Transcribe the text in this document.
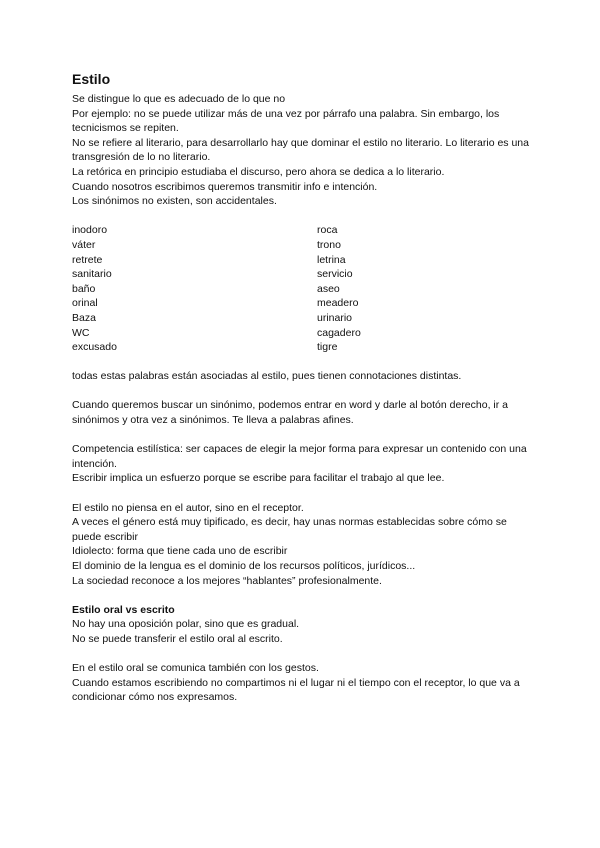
Estilo

Se distingue lo que es adecuado de lo que no

Por ejemplo: no se puede utilizar más de una vez por párrafo una palabra. Sin embargo, los tecnicismos se repiten.

No se refiere al literario, para desarrollarlo hay que dominar el estilo no literario. Lo literario es una transgresión de lo no literario.

La retórica en principio estudiaba el discurso, pero ahora se dedica a lo literario.

Cuando nosotros escribimos queremos transmitir info e intención.

Los sinónimos no existen, son accidentales.

inodoro	roca
váter	trono
retrete	letrina
sanitario	servicio
baño	aseo
orinal	meadero
Baza	urinario
WC	cagadero
excusado	tigre

todas estas palabras están asociadas al estilo, pues tienen connotaciones distintas.

Cuando queremos buscar un sinónimo, podemos entrar en word y darle al botón derecho, ir a sinónimos y otra vez a sinónimos. Te lleva a palabras afines.

Competencia estilística: ser capaces de elegir la mejor forma para expresar un contenido con una intención.

Escribir implica un esfuerzo porque se escribe para facilitar el trabajo al que lee.

El estilo no piensa en el autor, sino en el receptor.

A veces el género está muy tipificado, es decir, hay unas normas establecidas sobre cómo se puede escribir

Idiolecto: forma que tiene cada uno de escribir

El dominio de la lengua es el dominio de los recursos políticos, jurídicos...

La sociedad reconoce a los mejores “hablantes” profesionalmente.

Estilo oral vs escrito

No hay una oposición polar, sino que es gradual.

No se puede transferir el estilo oral al escrito.

En el estilo oral se comunica también con los gestos.

Cuando estamos escribiendo no compartimos ni el lugar ni el tiempo con el receptor, lo que va a condicionar cómo nos expresamos.
